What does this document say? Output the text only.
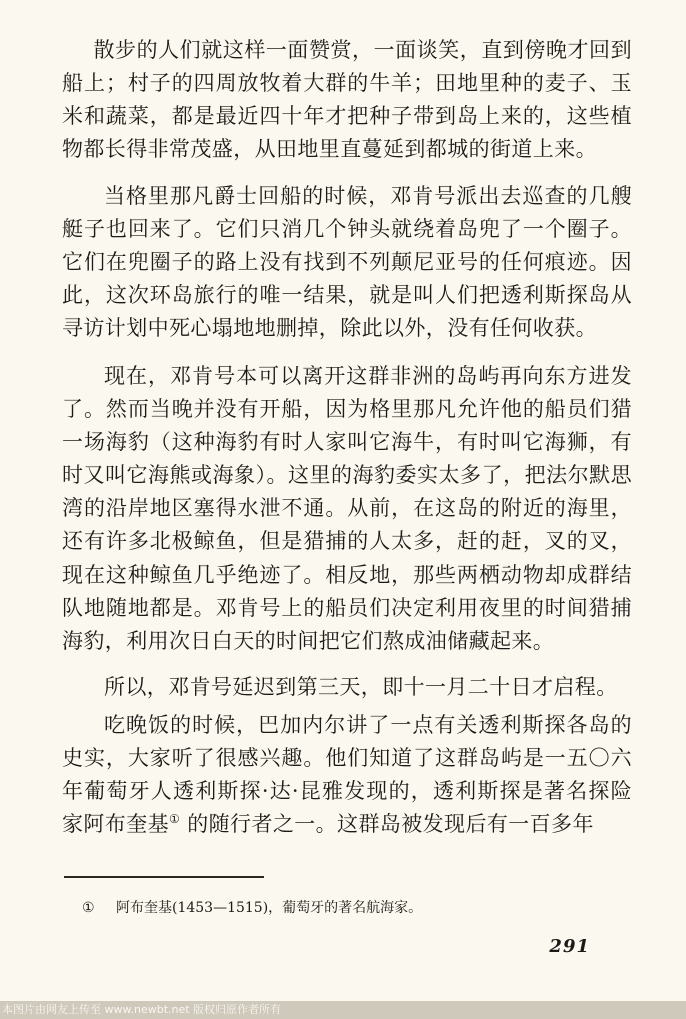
散步的人们就这样一面赞赏，一面谈笑，直到傍晚才回到船上；村子的四周放牧着大群的牛羊；田地里种的麦子、玉米和蔬菜，都是最近四十年才把种子带到岛上来的，这些植物都长得非常茂盛，从田地里直蔓延到都城的街道上来。

当格里那凡爵士回船的时候，邓肯号派出去巡查的几艘艇子也回来了。它们只消几个钟头就绕着岛兜了一个圈子。它们在兜圈子的路上没有找到不列颠尼亚号的任何痕迹。因此，这次环岛旅行的唯一结果，就是叫人们把透利斯探岛从寻访计划中死心塌地地删掉，除此以外，没有任何收获。

现在，邓肯号本可以离开这群非洲的岛屿再向东方进发了。然而当晚并没有开船，因为格里那凡允许他的船员们猎一场海豹（这种海豹有时人家叫它海牛，有时叫它海狮，有时又叫它海熊或海象）。这里的海豹委实太多了，把法尔默思湾的沿岸地区塞得水泄不通。从前，在这岛的附近的海里，还有许多北极鲸鱼，但是猎捕的人太多，赶的赶，叉的叉，现在这种鲸鱼几乎绝迹了。相反地，那些两栖动物却成群结队地随地都是。邓肯号上的船员们决定利用夜里的时间猎捕海豹，利用次日白天的时间把它们熬成油储藏起来。

所以，邓肯号延迟到第三天，即十一月二十日才启程。

吃晚饭的时候，巴加内尔讲了一点有关透利斯探各岛的史实，大家听了很感兴趣。他们知道了这群岛屿是一五〇六年葡萄牙人透利斯探·达·昆雅发现的，透利斯探是著名探险家阿布奎基① 的随行者之一。这群岛被发现后有一百多年

① 阿布奎基(1453—1515)，葡萄牙的著名航海家。
291
本图片由网友上传至 www.newbt.net 版权归原作者所有
